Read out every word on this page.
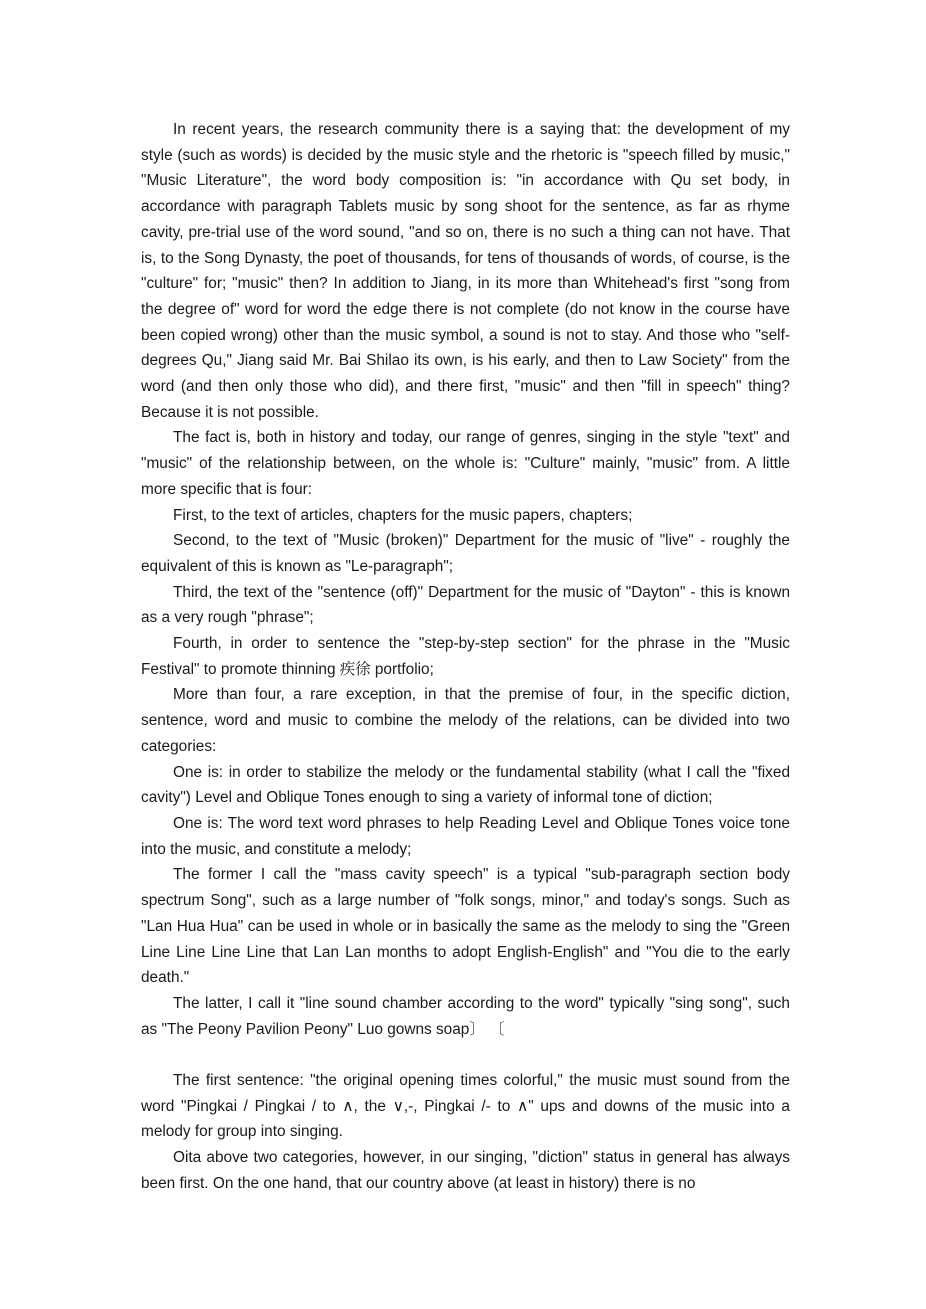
In recent years, the research community there is a saying that: the development of my style (such as words) is decided by the music style and the rhetoric is "speech filled by music," "Music Literature", the word body composition is: "in accordance with Qu set body, in accordance with paragraph Tablets music by song shoot for the sentence, as far as rhyme cavity, pre-trial use of the word sound, "and so on, there is no such a thing can not have. That is, to the Song Dynasty, the poet of thousands, for tens of thousands of words, of course, is the "culture" for; "music" then? In addition to Jiang, in its more than Whitehead's first "song from the degree of" word for word the edge there is not complete (do not know in the course have been copied wrong) other than the music symbol, a sound is not to stay. And those who "self-degrees Qu," Jiang said Mr. Bai Shilao its own, is his early, and then to Law Society" from the word (and then only those who did), and there first, "music" and then "fill in speech" thing? Because it is not possible.

The fact is, both in history and today, our range of genres, singing in the style "text" and "music" of the relationship between, on the whole is: "Culture" mainly, "music" from. A little more specific that is four:

First, to the text of articles, chapters for the music papers, chapters;

Second, to the text of "Music (broken)" Department for the music of "live" - roughly the equivalent of this is known as "Le-paragraph";

Third, the text of the "sentence (off)" Department for the music of "Dayton" - this is known as a very rough "phrase";

Fourth, in order to sentence the "step-by-step section" for the phrase in the "Music Festival" to promote thinning 疾徐 portfolio;

More than four, a rare exception, in that the premise of four, in the specific diction, sentence, word and music to combine the melody of the relations, can be divided into two categories:

One is: in order to stabilize the melody or the fundamental stability (what I call the "fixed cavity") Level and Oblique Tones enough to sing a variety of informal tone of diction;

One is: The word text word phrases to help Reading Level and Oblique Tones voice tone into the music, and constitute a melody;

The former I call the "mass cavity speech" is a typical "sub-paragraph section body spectrum Song", such as a large number of "folk songs, minor," and today's songs. Such as "Lan Hua Hua" can be used in whole or in basically the same as the melody to sing the "Green Line Line Line Line that Lan Lan months to adopt English-English" and "You die to the early death."

The latter, I call it "line sound chamber according to the word" typically "sing song", such as "The Peony Pavilion Peony" Luo gowns soap〕 〔

The first sentence: "the original opening times colorful," the music must sound from the word "Pingkai / Pingkai / to ∧, the ∨,-, Pingkai /- to ∧" ups and downs of the music into a melody for group into singing.

Oita above two categories, however, in our singing, "diction" status in general has always been first. On the one hand, that our country above (at least in history) there is no
